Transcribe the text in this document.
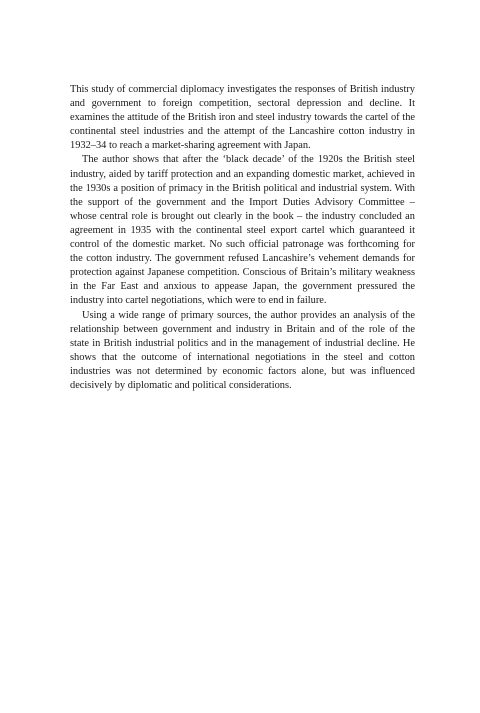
This study of commercial diplomacy investigates the responses of British industry and government to foreign competition, sectoral depression and decline. It examines the attitude of the British iron and steel industry towards the cartel of the continental steel industries and the attempt of the Lancashire cotton industry in 1932–34 to reach a market-sharing agreement with Japan.

The author shows that after the ‘black decade’ of the 1920s the British steel industry, aided by tariff protection and an expanding domestic market, achieved in the 1930s a position of primacy in the British political and industrial system. With the support of the government and the Import Duties Advisory Committee – whose central role is brought out clearly in the book – the industry concluded an agreement in 1935 with the continental steel export cartel which guaranteed it control of the domestic market. No such official patronage was forthcoming for the cotton industry. The government refused Lancashire’s vehement demands for protection against Japanese competition. Conscious of Britain’s military weakness in the Far East and anxious to appease Japan, the government pressured the industry into cartel negotiations, which were to end in failure.

Using a wide range of primary sources, the author provides an analysis of the relationship between government and industry in Britain and of the role of the state in British industrial politics and in the management of industrial decline. He shows that the outcome of international negotiations in the steel and cotton industries was not determined by economic factors alone, but was influenced decisively by diplomatic and political considerations.
